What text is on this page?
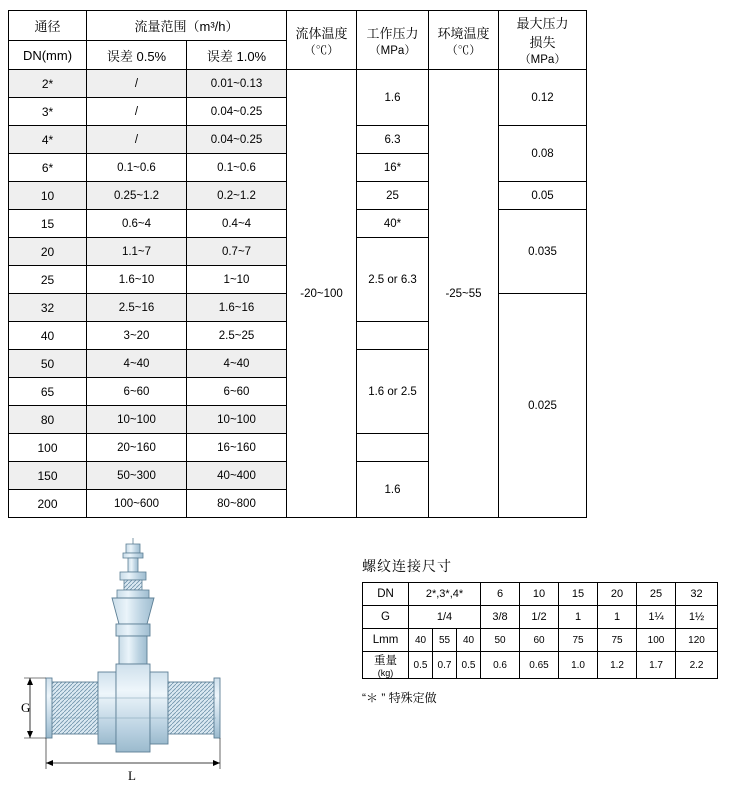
通径	流量范围（m³/h）	流体温度
（℃）

工作压力
（MPa）

环境温度
（℃）

最大压力
损失
（MPa）

DN(mm)	误差 0.5%	误差 1.0%				
2*	/	0.01~0.13	-20~100	1.6	-25~55	0.12
3*	/	0.04~0.25				
4*	/	0.04~0.25		6.3		0.08
6*	0.1~0.6	0.1~0.6		16*		
10	0.25~1.2	0.2~1.2		25		0.05
15	0.6~4	0.4~4		40*		0.035
20	1.1~7	0.7~7		2.5 or 6.3		
25	1.6~10	1~10				
32	2.5~16	1.6~16				0.025
40	3~20	2.5~25				
50	4~40	4~40		1.6 or 2.5		
65	6~60	6~60				
80	10~100	10~100				
100	20~160	16~160				
150	50~300	40~400		1.6		
200	100~600	80~800				
G
L
螺纹连接尺寸
DN	2*,3*,4*			6	10	15	20	25	32
G	1/4			3/8	1/2	1	1	1¼	1½
Lmm	40	55	40	50	60	75	75	100	120

重量
(kg)	0.5	0.7	0.5	0.6	0.65	1.0	1.2	1.7	2.2
“＊ ” 特殊定做
